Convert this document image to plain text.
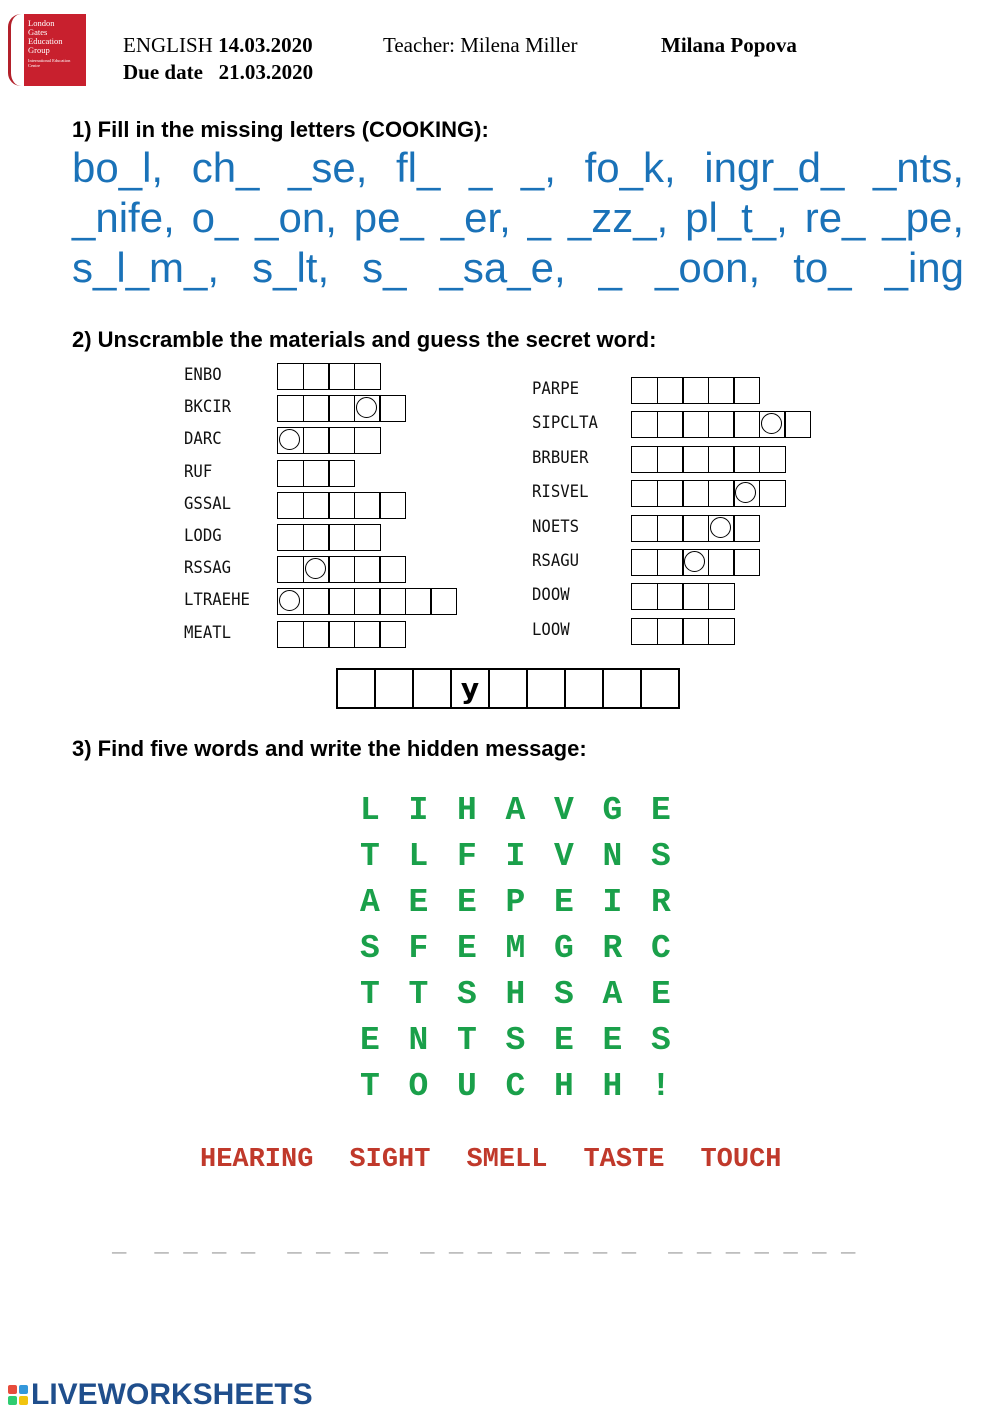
London
Gates
Education
Group
International Education Centre
ENGLISH 14.03.2020	Teacher: Milena Miller	Milana Popova
Due date 21.03.2020
1) Fill in the missing letters (COOKING):
bo_l, ch_ _se, fl_ _ _, fo_k, ingr_d_ _nts,
_nife, o_ _on, pe_ _er, _ _zz_, pl_t_, re_ _pe,
s_l_m_, s_lt, s_ _sa_e, _ _oon, to_ _ing
2) Unscramble the materials and guess the secret word:
ENBO
BKCIR
DARC
RUF
GSSAL
LODG
RSSAG
LTRAEHE
MEATL
PARPE
SIPCLTA
BRBUER
RISVEL
NOETS
RSAGU
DOOW
LOOW
y
3) Find five words and write the hidden message:
L I H A V G E
T L F I V N S
A E E P E I R
S F E M G R C
T T S H S A E
E N T S E E S
T O U C H H !
HEARING SIGHT SMELL TASTE TOUCH
_ _ _ _ _ _ _ _ _ _ _ _ _ _ _ _ _ _ _ _ _ _ _ _
LIVEWORKSHEETS
